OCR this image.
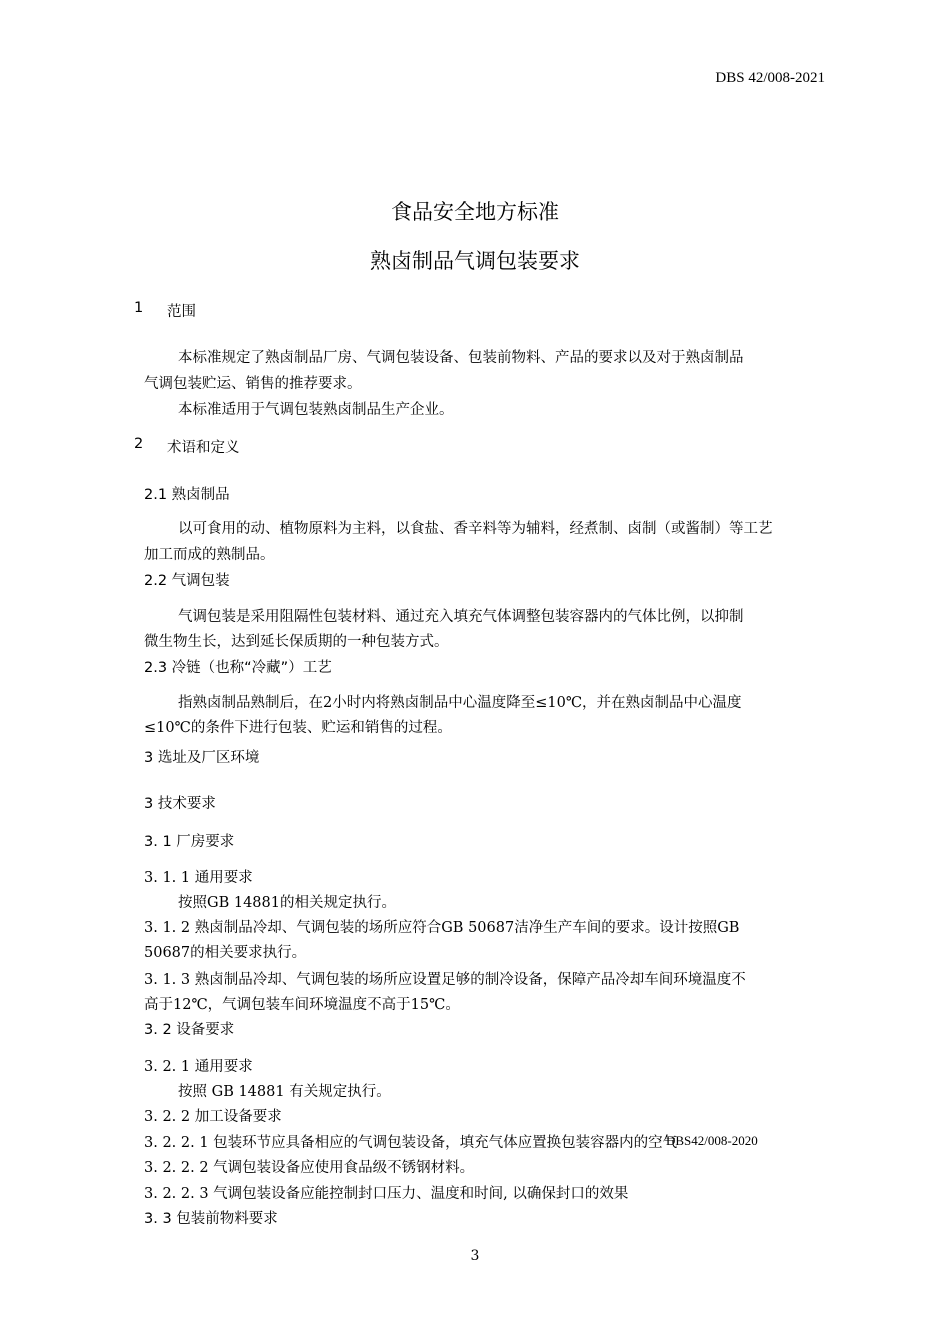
DBS 42/008-2021
食品安全地方标准
熟卤制品气调包装要求
1 范围
本标准规定了熟卤制品厂房、气调包装设备、包装前物料、产品的要求以及对于熟卤制品
气调包装贮运、销售的推荐要求。
本标准适用于气调包装熟卤制品生产企业。
2 术语和定义
2.1 熟卤制品
以可食用的动、植物原料为主料，以食盐、香辛料等为辅料，经煮制、卤制（或酱制）等工艺
加工而成的熟制品。
2.2 气调包装
气调包装是采用阻隔性包装材料、通过充入填充气体调整包装容器内的气体比例，以抑制
微生物生长，达到延长保质期的一种包装方式。
2.3 冷链（也称“冷藏”）工艺
指熟卤制品熟制后，在2小时内将熟卤制品中心温度降至≤10℃，并在熟卤制品中心温度
≤10℃的条件下进行包装、贮运和销售的过程。
3 选址及厂区环境
3 技术要求
3. 1 厂房要求
3. 1. 1 通用要求
按照GB 14881的相关规定执行。
3. 1. 2 熟卤制品冷却、气调包装的场所应符合GB 50687洁净生产车间的要求。设计按照GB
50687的相关要求执行。
3. 1. 3 熟卤制品冷却、气调包装的场所应设置足够的制冷设备，保障产品冷却车间环境温度不
高于12℃，气调包装车间环境温度不高于15℃。
3. 2 设备要求
3. 2. 1 通用要求
按照 GB 14881 有关规定执行。
3. 2. 2 加工设备要求
3. 2. 2. 1 包装环节应具备相应的气调包装设备，填充气体应置换包装容器内的空气
DBS42/008-2020
3. 2. 2. 2 气调包装设备应使用食品级不锈钢材料。
3. 2. 2. 3 气调包装设备应能控制封口压力、温度和时间, 以确保封口的效果
3. 3 包装前物料要求
3
